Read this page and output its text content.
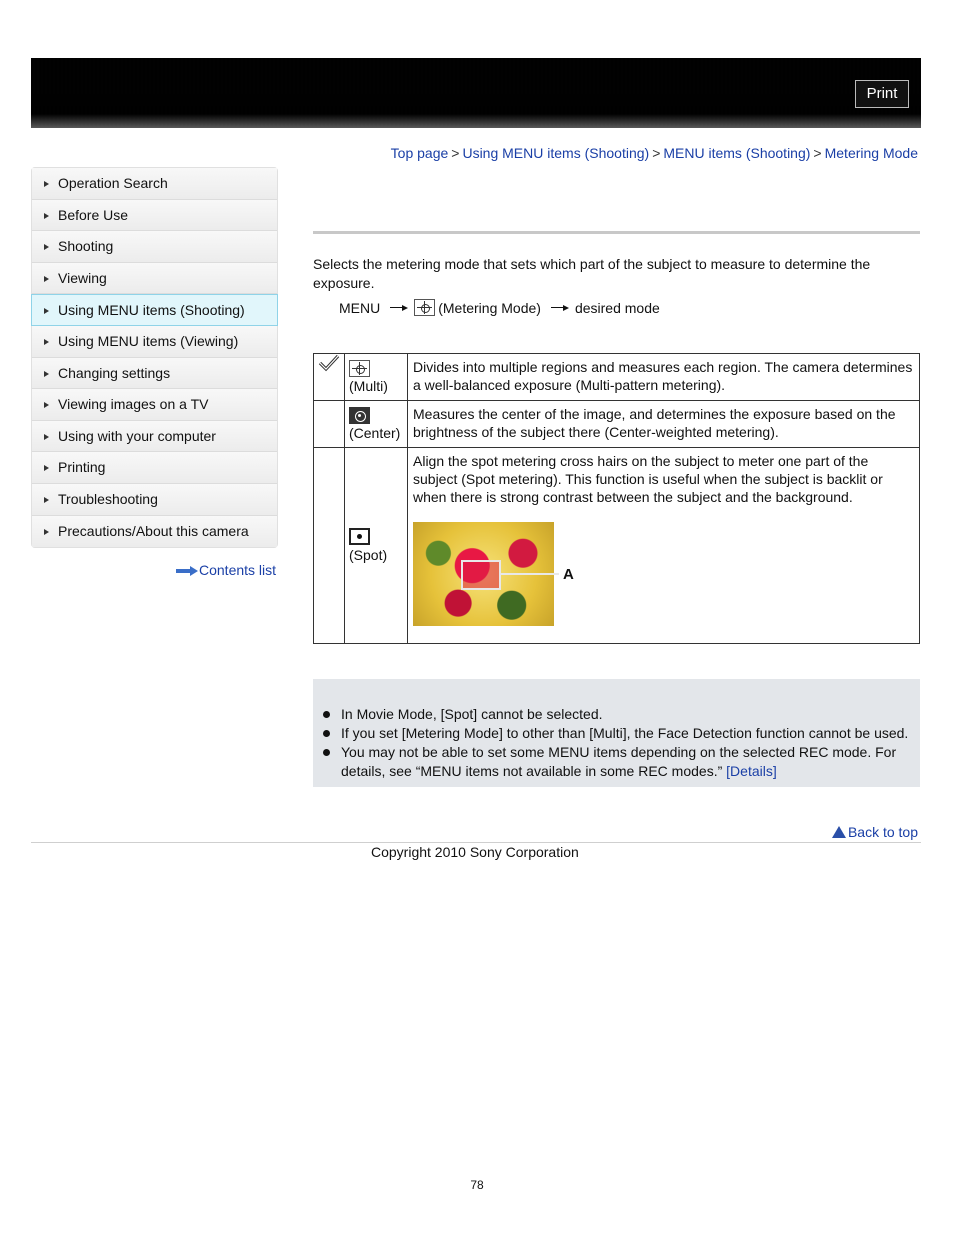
Print
Top page > Using MENU items (Shooting) > MENU items (Shooting) > Metering Mode
Operation Search
Before Use
Shooting
Viewing
Using MENU items (Shooting)
Using MENU items (Viewing)
Changing settings
Viewing images on a TV
Using with your computer
Printing
Troubleshooting
Precautions/About this camera
Contents list

Selects the metering mode that sets which part of the subject to measure to determine the exposure.

MENU	(Metering Mode) desired mode

(Multi)	Divides into multiple regions and measures each region. The camera determines a well-balanced exposure (Multi-pattern metering).

(Center)	Measures the center of the image, and determines the exposure based on the brightness of the subject there (Center-weighted metering).

(Spot)	Align the spot metering cross hairs on the subject to meter one part of the subject (Spot metering). This function is useful when the subject is backlit or when there is strong contrast between the subject and the background.
A
In Movie Mode, [Spot] cannot be selected.
If you set [Metering Mode] to other than [Multi], the Face Detection function cannot be used.
You may not be able to set some MENU items depending on the selected REC mode. For details, see “MENU items not available in some REC modes.” [Details]
Back to top
Copyright 2010 Sony Corporation
78
